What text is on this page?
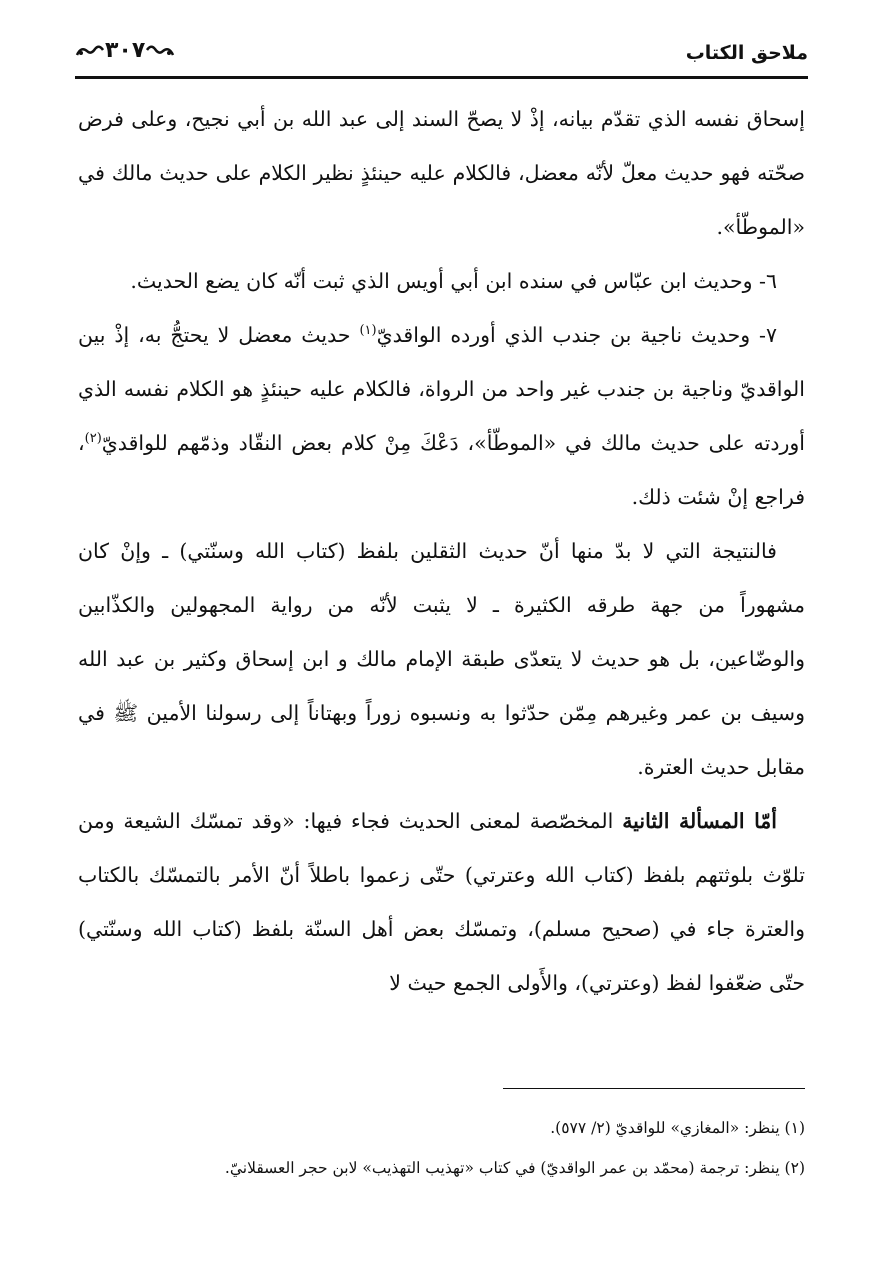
ملاحق الكتاب
٣٠٧

إسحاق نفسه الذي تقدّم بيانه، إذْ لا يصحّ السند إلى عبد الله بن أبي نجيح، وعلى فرض صحّته فهو حديث معلّ لأنّه معضل، فالكلام عليه حينئذٍ نظير الكلام على حديث مالك في «الموطّأ».

٦- وحديث ابن عبّاس في سنده ابن أبي أويس الذي ثبت أنّه كان يضع الحديث.

٧- وحديث ناجية بن جندب الذي أورده الواقديّ$^{(١)}$ حديث معضل لا يحتجُّ به، إذْ بين الواقديّ وناجية بن جندب غير واحد من الرواة، فالكلام عليه حينئذٍ هو الكلام نفسه الذي أوردته على حديث مالك في «الموطّأ»، دَعْكَ مِنْ كلام بعض النقّاد وذمّهم للواقديّ$^{(٢)}$، فراجع إنْ شئت ذلك.

فالنتيجة التي لا بدّ منها أنّ حديث الثقلين بلفظ (كتاب الله وسنّتي) ـ وإنْ كان مشهوراً من جهة طرقه الكثيرة ـ لا يثبت لأنّه من رواية المجهولين والكذّابين والوضّاعين، بل هو حديث لا يتعدّى طبقة الإمام مالك و ابن إسحاق وكثير بن عبد الله وسيف بن عمر وغيرهم مِمّن حدّثوا به ونسبوه زوراً وبهتاناً إلى رسولنا الأمين ﷺ في مقابل حديث العترة.

أمّا المسألة الثانية المخصّصة لمعنى الحديث فجاء فيها: «وقد تمسّك الشيعة ومن تلوّث بلوثتهم بلفظ (كتاب الله وعترتي) حتّى زعموا باطلاً أنّ الأمر بالتمسّك بالكتاب والعترة جاء في (صحيح مسلم)، وتمسّك بعض أهل السنّة بلفظ (كتاب الله وسنّتي) حتّى ضعّفوا لفظ (وعترتي)، والأَولى الجمع حيث لا

(١) ينظر: «المغازي» للواقديّ (٢/ ٥٧٧).

(٢) ينظر: ترجمة (محمّد بن عمر الواقديّ) في كتاب «تهذيب التهذيب» لابن حجر العسقلانيّ.
